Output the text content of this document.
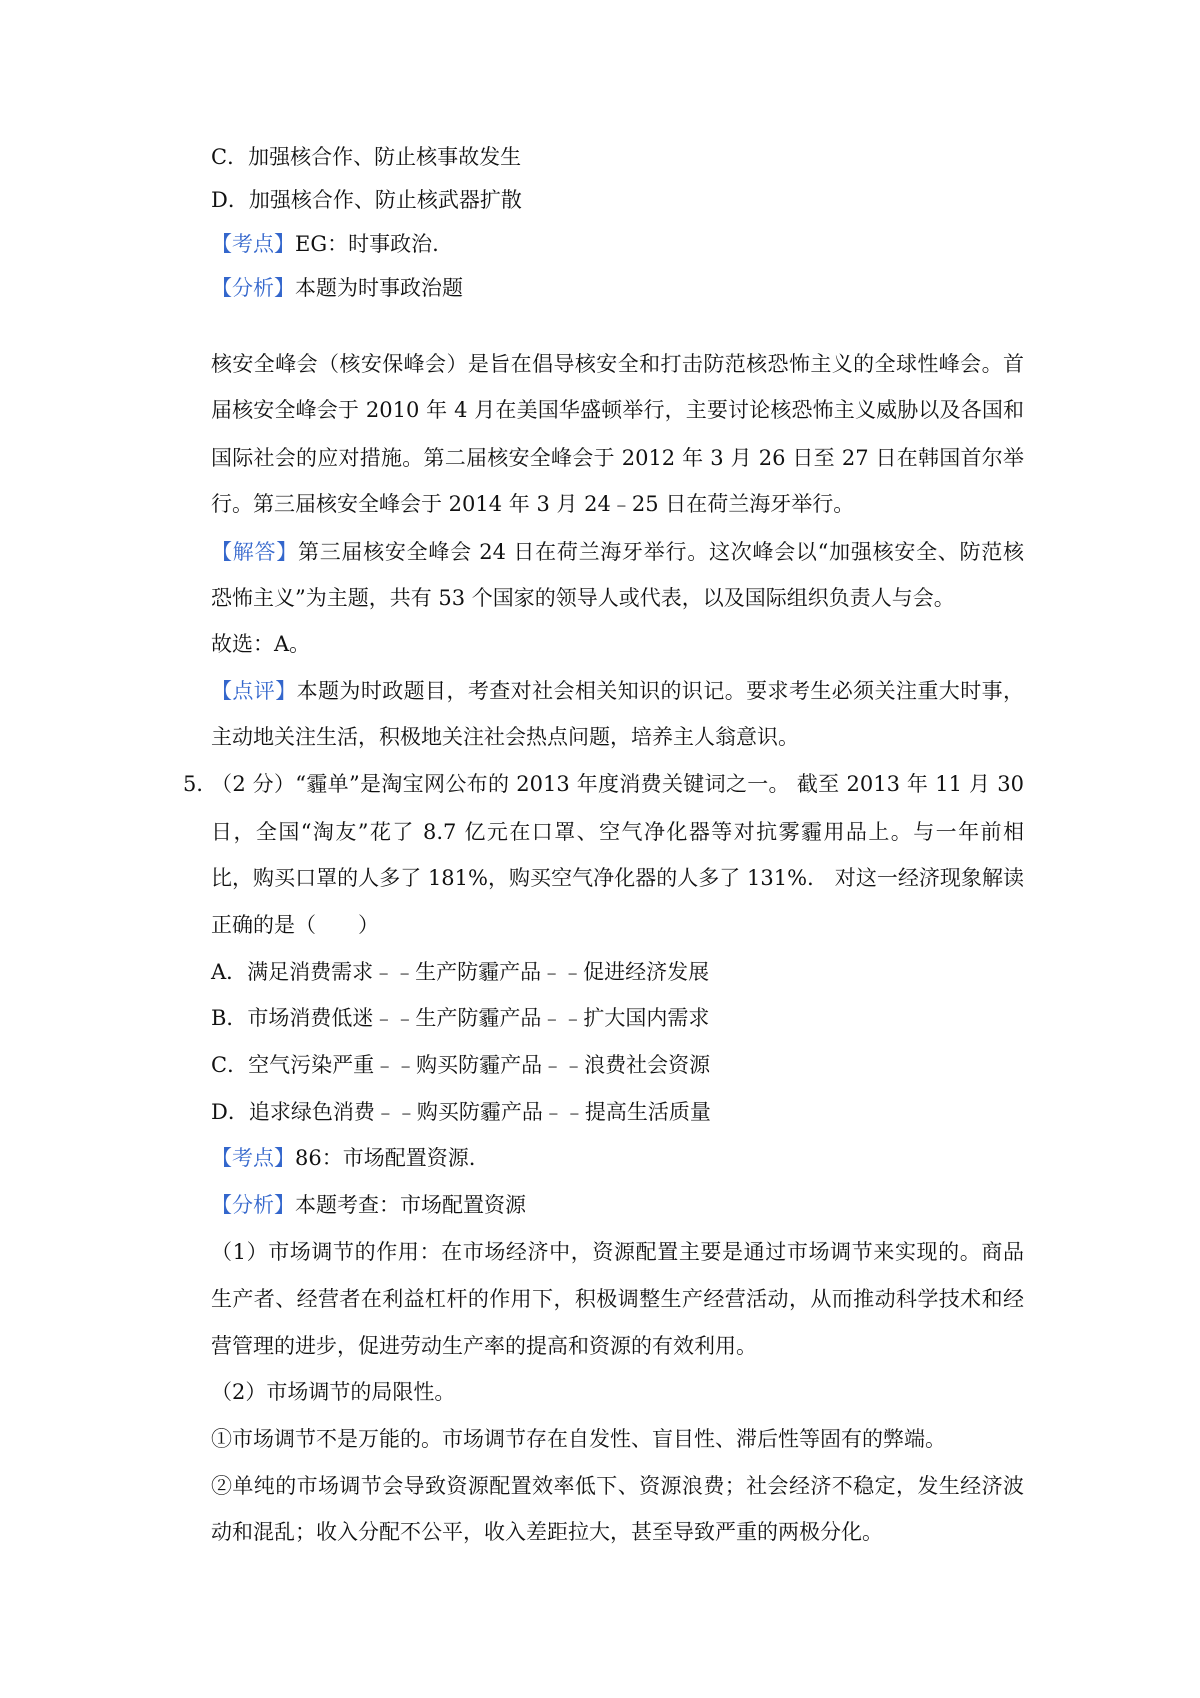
C．加强核合作、防止核事故发生
D．加强核合作、防止核武器扩散
【考点】EG：时事政治.
【分析】本题为时事政治题
核安全峰会（核安保峰会）是旨在倡导核安全和打击防范核恐怖主义的全球性峰会。首
届核安全峰会于 2010 年 4 月在美国华盛顿举行，主要讨论核恐怖主义威胁以及各国和
国际社会的应对措施。第二届核安全峰会于 2012 年 3 月 26 日至 27 日在韩国首尔举
行。第三届核安全峰会于 2014 年 3 月 24﹣25 日在荷兰海牙举行。
【解答】第三届核安全峰会 24 日在荷兰海牙举行。这次峰会以“加强核安全、防范核
恐怖主义”为主题，共有 53 个国家的领导人或代表，以及国际组织负责人与会。
故选：A。
【点评】本题为时政题目，考查对社会相关知识的识记。要求考生必须关注重大时事，
主动地关注生活，积极地关注社会热点问题，培养主人翁意识。
5．
（2 分）“霾单”是淘宝网公布的 2013 年度消费关键词之一。 截至 2013 年 11 月 30
日，全国“淘友”花了 8.7 亿元在口罩、空气净化器等对抗雾霾用品上。与一年前相
比，购买口罩的人多了 181%，购买空气净化器的人多了 131%． 对这一经济现象解读
正确的是（　　）
A．满足消费需求﹣﹣生产防霾产品﹣﹣促进经济发展
B．市场消费低迷﹣﹣生产防霾产品﹣﹣扩大国内需求
C．空气污染严重﹣﹣购买防霾产品﹣﹣浪费社会资源
D．追求绿色消费﹣﹣购买防霾产品﹣﹣提高生活质量
【考点】86：市场配置资源.
【分析】本题考查：市场配置资源
（1）市场调节的作用：在市场经济中，资源配置主要是通过市场调节来实现的。商品
生产者、经营者在利益杠杆的作用下，积极调整生产经营活动，从而推动科学技术和经
营管理的进步，促进劳动生产率的提高和资源的有效利用。
（2）市场调节的局限性。
①市场调节不是万能的。市场调节存在自发性、盲目性、滞后性等固有的弊端。
②单纯的市场调节会导致资源配置效率低下、资源浪费；社会经济不稳定，发生经济波
动和混乱；收入分配不公平，收入差距拉大，甚至导致严重的两极分化。
